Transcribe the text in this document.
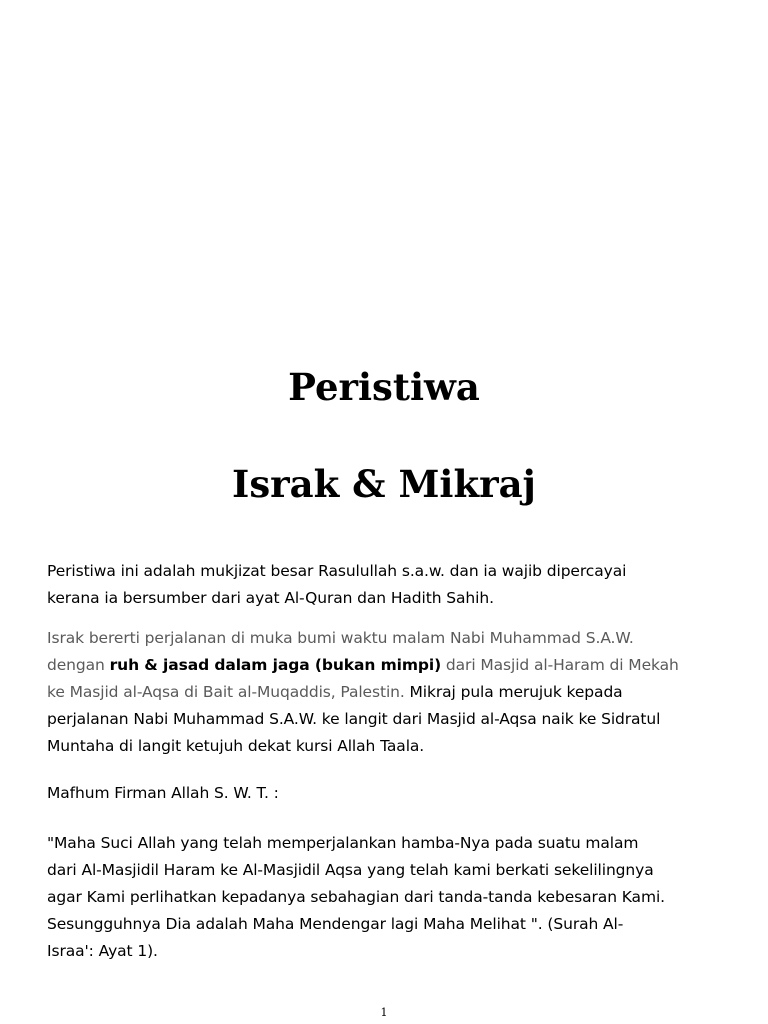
Peristiwa
Israk & Mikraj

Peristiwa ini adalah mukjizat besar Rasulullah s.a.w. dan ia wajib dipercayai
kerana ia bersumber dari ayat Al-Quran dan Hadith Sahih.

Israk bererti perjalanan di muka bumi waktu malam Nabi Muhammad S.A.W.
dengan ruh & jasad dalam jaga (bukan mimpi) dari Masjid al-Haram di Mekah
ke Masjid al-Aqsa di Bait al-Muqaddis, Palestin. Mikraj pula merujuk kepada
perjalanan Nabi Muhammad S.A.W. ke langit dari Masjid al-Aqsa naik ke Sidratul
Muntaha di langit ketujuh dekat kursi Allah Taala.

Mafhum Firman Allah S. W. T. :

"Maha Suci Allah yang telah memperjalankan hamba-Nya pada suatu malam
dari Al-Masjidil Haram ke Al-Masjidil Aqsa yang telah kami berkati sekelilingnya
agar Kami perlihatkan kepadanya sebahagian dari tanda-tanda kebesaran Kami.
Sesungguhnya Dia adalah Maha Mendengar lagi Maha Melihat ". (Surah Al-
Israa': Ayat 1).

1
